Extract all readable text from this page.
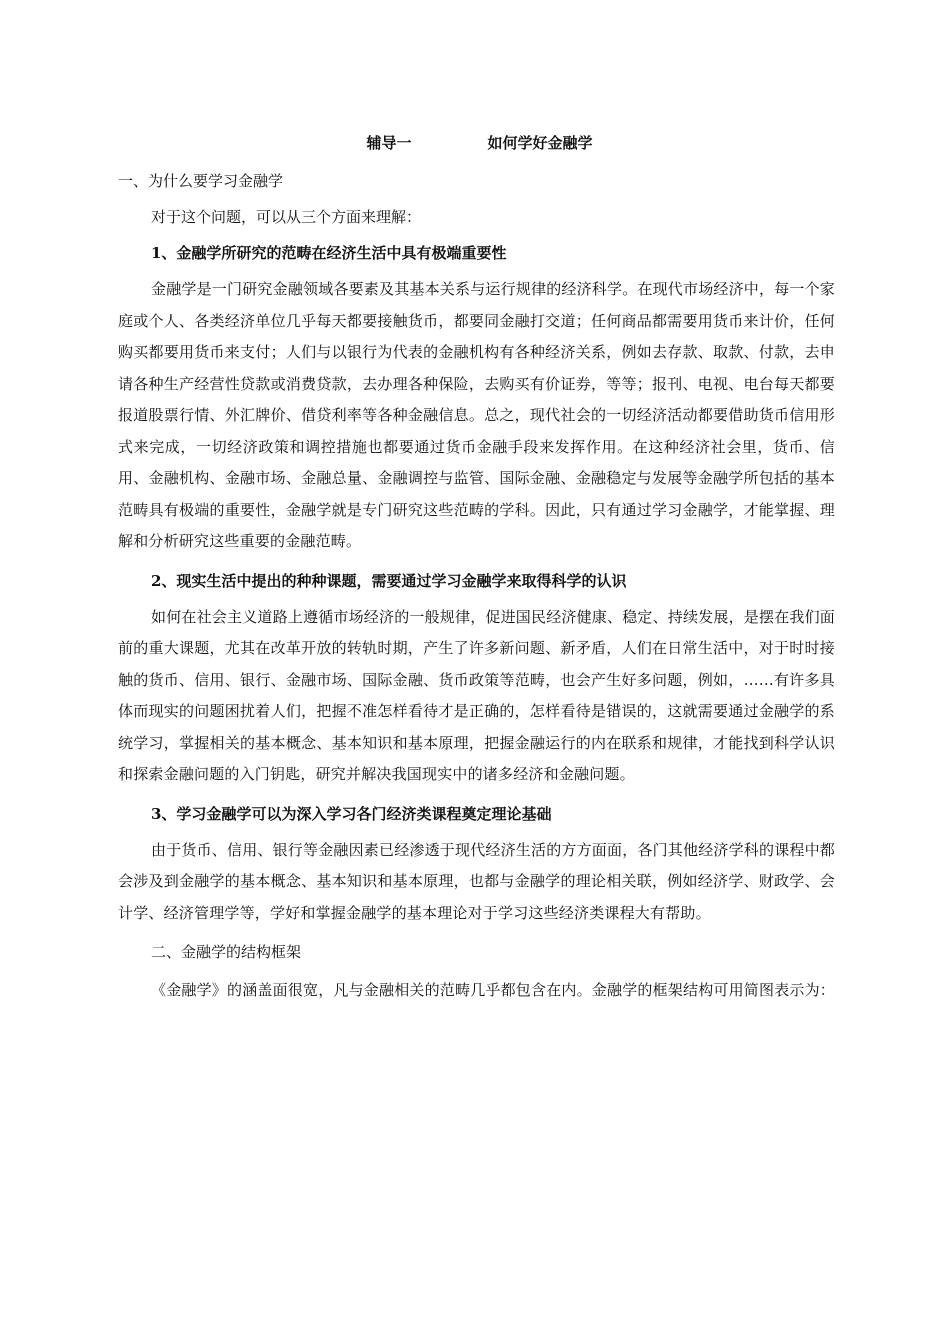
辅导一	如何学好金融学

一、为什么要学习金融学

对于这个问题，可以从三个方面来理解：

1、金融学所研究的范畴在经济生活中具有极端重要性

金融学是一门研究金融领域各要素及其基本关系与运行规律的经济科学。在现代市场经济中，每一个家庭或个人、各类经济单位几乎每天都要接触货币，都要同金融打交道；任何商品都需要用货币来计价，任何购买都要用货币来支付；人们与以银行为代表的金融机构有各种经济关系，例如去存款、取款、付款，去申请各种生产经营性贷款或消费贷款，去办理各种保险，去购买有价证券，等等；报刊、电视、电台每天都要报道股票行情、外汇牌价、借贷利率等各种金融信息。总之，现代社会的一切经济活动都要借助货币信用形式来完成，一切经济政策和调控措施也都要通过货币金融手段来发挥作用。在这种经济社会里，货币、信用、金融机构、金融市场、金融总量、金融调控与监管、国际金融、金融稳定与发展等金融学所包括的基本范畴具有极端的重要性，金融学就是专门研究这些范畴的学科。因此，只有通过学习金融学，才能掌握、理解和分析研究这些重要的金融范畴。

2、现实生活中提出的种种课题，需要通过学习金融学来取得科学的认识

如何在社会主义道路上遵循市场经济的一般规律，促进国民经济健康、稳定、持续发展，是摆在我们面前的重大课题，尤其在改革开放的转轨时期，产生了许多新问题、新矛盾，人们在日常生活中，对于时时接触的货币、信用、银行、金融市场、国际金融、货币政策等范畴，也会产生好多问题，例如，……有许多具体而现实的问题困扰着人们，把握不准怎样看待才是正确的，怎样看待是错误的，这就需要通过金融学的系统学习，掌握相关的基本概念、基本知识和基本原理，把握金融运行的内在联系和规律，才能找到科学认识和探索金融问题的入门钥匙，研究并解决我国现实中的诸多经济和金融问题。

3、学习金融学可以为深入学习各门经济类课程奠定理论基础

由于货币、信用、银行等金融因素已经渗透于现代经济生活的方方面面，各门其他经济学科的课程中都会涉及到金融学的基本概念、基本知识和基本原理，也都与金融学的理论相关联，例如经济学、财政学、会计学、经济管理学等，学好和掌握金融学的基本理论对于学习这些经济类课程大有帮助。

二、金融学的结构框架

《金融学》的涵盖面很宽，凡与金融相关的范畴几乎都包含在内。金融学的框架结构可用简图表示为：
